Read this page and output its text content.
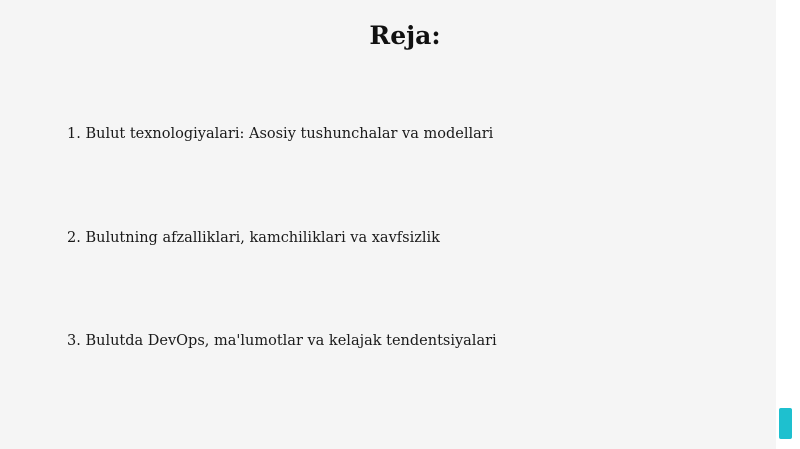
Reja:
1. Bulut texnologiyalari: Asosiy tushunchalar va modellari
2. Bulutning afzalliklari, kamchiliklari va xavfsizlik
3. Bulutda DevOps, ma'lumotlar va kelajak tendentsiyalari
